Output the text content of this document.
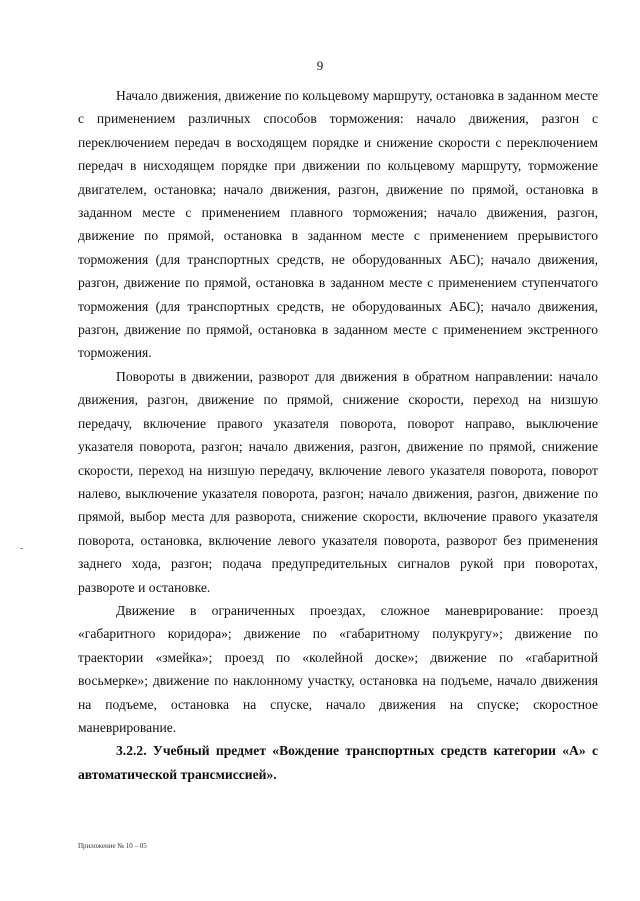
9

Начало движения, движение по кольцевому маршруту, остановка в заданном месте с применением различных способов торможения: начало движения, разгон с переключением передач в восходящем порядке и снижение скорости с переключением передач в нисходящем порядке при движении по кольцевому маршруту, торможение двигателем, остановка; начало движения, разгон, движение по прямой, остановка в заданном месте с применением плавного торможения; начало движения, разгон, движение по прямой, остановка в заданном месте с применением прерывистого торможения (для транспортных средств, не оборудованных АБС); начало движения, разгон, движение по прямой, остановка в заданном месте с применением ступенчатого торможения (для транспортных средств, не оборудованных АБС); начало движения, разгон, движение по прямой, остановка в заданном месте с применением экстренного торможения.

Повороты в движении, разворот для движения в обратном направлении: начало движения, разгон, движение по прямой, снижение скорости, переход на низшую передачу, включение правого указателя поворота, поворот направо, выключение указателя поворота, разгон; начало движения, разгон, движение по прямой, снижение скорости, переход на низшую передачу, включение левого указателя поворота, поворот налево, выключение указателя поворота, разгон; начало движения, разгон, движение по прямой, выбор места для разворота, снижение скорости, включение правого указателя поворота, остановка, включение левого указателя поворота, разворот без применения заднего хода, разгон; подача предупредительных сигналов рукой при поворотах, развороте и остановке.

Движение в ограниченных проездах, сложное маневрирование: проезд «габаритного коридора»; движение по «габаритному полукругу»; движение по траектории «змейка»; проезд по «колейной доске»; движение по «габаритной восьмерке»; движение по наклонному участку, остановка на подъеме, начало движения на подъеме, остановка на спуске, начало движения на спуске; скоростное маневрирование.

3.2.2. Учебный предмет «Вождение транспортных средств категории «А» с автоматической трансмиссией».

Приложение № 10 – 05
